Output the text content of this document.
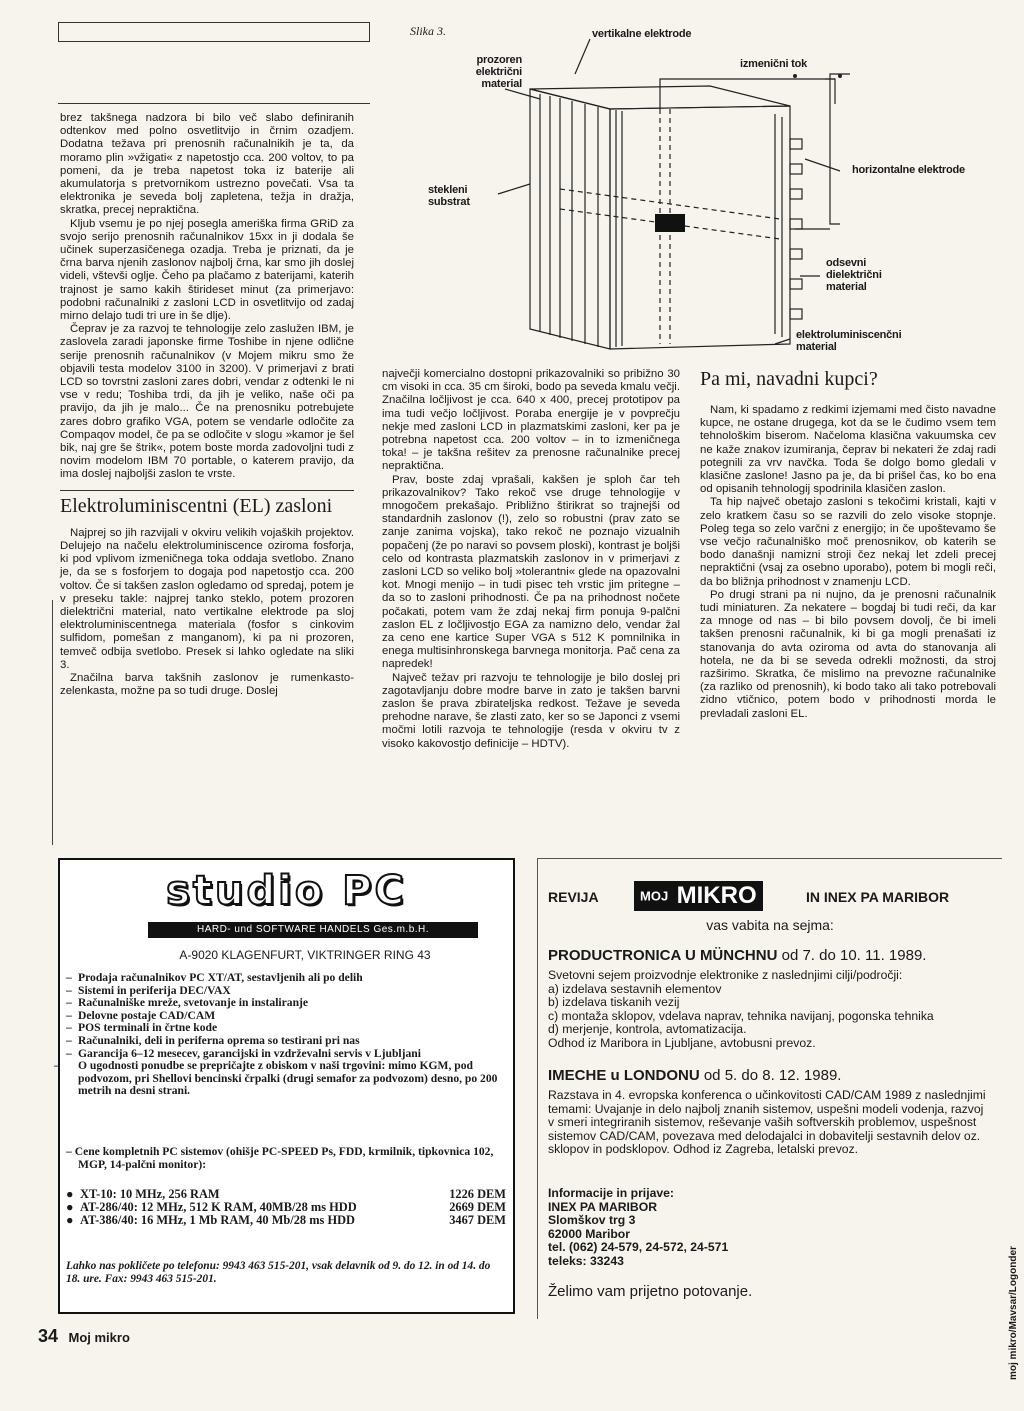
Slika 3.	vertikalne elektrode
prozoren električni material
izmenični tok
stekleni substrat
horizontalne elektrode
odsevni dielektrični material
elektroluminiscenčni material

brez takšnega nadzora bi bilo več slabo definiranih odtenkov med polno osvetlitvijo in črnim ozadjem. Dodatna težava pri prenosnih računalnikih je ta, da moramo plin »vžigati« z napetostjo cca. 200 voltov, to pa pomeni, da je treba napetost toka iz baterije ali akumulatorja s pretvornikom ustrezno povečati. Vsa ta elektronika je seveda bolj zapletena, težja in dražja, skratka, precej nepraktična.

Kljub vsemu je po njej posegla ameriška firma GRiD za svojo serijo prenosnih računalnikov 15xx in ji dodala še učinek superzasičenega ozadja. Treba je priznati, da je črna barva njenih zaslonov najbolj črna, kar smo jih doslej videli, vštevši oglje. Čeho pa plačamo z baterijami, katerih trajnost je samo kakih štirideset minut (za primerjavo: podobni računalniki z zasloni LCD in osvetlitvijo od zadaj mirno delajo tudi tri ure in še dlje).

Čeprav je za razvoj te tehnologije zelo zaslužen IBM, je zaslovela zaradi japonske firme Toshibe in njene odlične serije prenosnih računalnikov (v Mojem mikru smo že objavili testa modelov 3100 in 3200). V primerjavi z brati LCD so tovrstni zasloni zares dobri, vendar z odtenki le ni vse v redu; Toshiba trdi, da jih je veliko, naše oči pa pravijo, da jih je malo... Če na prenosniku potrebujete zares dobro grafiko VGA, potem se vendarle odločite za Compaqov model, če pa se odločite v slogu »kamor je šel bik, naj gre še štrik«, potem boste morda zadovoljni tudi z novim modelom IBM 70 portable, o katerem pravijo, da ima doslej najboljši zaslon te vrste.

Elektroluminiscentni (EL) zasloni

Najprej so jih razvijali v okviru velikih vojaških projektov. Delujejo na načelu elektroluminiscence oziroma fosforja, ki pod vplivom izmeničnega toka oddaja svetlobo. Znano je, da se s fosforjem to dogaja pod napetostjo cca. 200 voltov. Če si takšen zaslon ogledamo od spredaj, potem je v preseku takle: najprej tanko steklo, potem prozoren dielektrični material, nato vertikalne elektrode pa sloj elektroluminiscentnega materiala (fosfor s cinkovim sulfidom, pomešan z manganom), ki pa ni prozoren, temveč odbija svetlobo. Presek si lahko ogledate na sliki 3.

Značilna barva takšnih zaslonov je rumenkasto-zelenkasta, možne pa so tudi druge. Doslej

največji komercialno dostopni prikazovalniki so pribižno 30 cm visoki in cca. 35 cm široki, bodo pa seveda kmalu večji. Značilna ločljivost je cca. 640 x 400, precej prototipov pa ima tudi večjo ločljivost. Poraba energije je v povprečju nekje med zasloni LCD in plazmatskimi zasloni, ker pa je potrebna napetost cca. 200 voltov – in to izmeničnega toka! – je takšna rešitev za prenosne računalnike precej nepraktična.

Prav, boste zdaj vprašali, kakšen je sploh čar teh prikazovalnikov? Tako rekoč vse druge tehnologije v mnogočem prekašajo. Približno štirikrat so trajnejši od standardnih zaslonov (!), zelo so robustni (prav zato se zanje zanima vojska), tako rekoč ne poznajo vizualnih popačenj (že po naravi so povsem ploski), kontrast je boljši celo od kontrasta plazmatskih zaslonov in v primerjavi z zasloni LCD so veliko bolj »tolerantni« glede na opazovalni kot. Mnogi menijo – in tudi pisec teh vrstic jim pritegne – da so to zasloni prihodnosti. Če pa na prihodnost nočete počakati, potem vam že zdaj nekaj firm ponuja 9-palčni zaslon EL z ločljivostjo EGA za namizno delo, vendar žal za ceno ene kartice Super VGA s 512 K pomnilnika in enega multisinhronskega barvnega monitorja. Pač cena za napredek!

Največ težav pri razvoju te tehnologije je bilo doslej pri zagotavljanju dobre modre barve in zato je takšen barvni zaslon še prava zbirateljska redkost. Težave je seveda prehodne narave, še zlasti zato, ker so se Japonci z vsemi močmi lotili razvoja te tehnologije (resda v okviru tv z visoko kakovostjo definicije – HDTV).

Pa mi, navadni kupci?

Nam, ki spadamo z redkimi izjemami med čisto navadne kupce, ne ostane drugega, kot da se le čudimo vsem tem tehnološkim biserom. Načeloma klasična vakuumska cev ne kaže znakov izumiranja, čeprav bi nekateri že zdaj radi potegnili za vrv navčka. Toda še dolgo bomo gledali v klasične zaslone! Jasno pa je, da bi prišel čas, ko bo ena od opisanih tehnologij spodrinila klasičen zaslon.

Ta hip največ obetajo zasloni s tekočimi kristali, kajti v zelo kratkem času so se razvili do zelo visoke stopnje. Poleg tega so zelo varčni z energijo; in če upoštevamo še vse večjo računalniško moč prenosnikov, ob katerih se bodo današnji namizni stroji čez nekaj let zdeli precej nepraktični (vsaj za osebno uporabo), potem bi mogli reči, da bo bližnja prihodnost v znamenju LCD.

Po drugi strani pa ni nujno, da je prenosni računalnik tudi miniaturen. Za nekatere – bogdaj bi tudi reči, da kar za mnoge od nas – bi bilo povsem dovolj, če bi imeli takšen prenosni računalnik, ki bi ga mogli prenašati iz stanovanja do avta oziroma od avta do stanovanja ali hotela, ne da bi se seveda odrekli možnosti, da stroj razširimo. Skratka, če mislimo na prevozne računalnike (za razliko od prenosnih), ki bodo tako ali tako potrebovali zidno vtičnico, potem bodo v prihodnosti morda le prevladali zasloni EL.

studio PC
HARD- und SOFTWARE HANDELS Ges.m.b.H.
A-9020 KLAGENFURT, VIKTRINGER RING 43
– Prodaja računalnikov PC XT/AT, sestavljenih ali po delih
– Sistemi in periferija DEC/VAX
– Računalniške mreže, svetovanje in instaliranje
– Delovne postaje CAD/CAM
– POS terminali in črtne kode
– Računalniki, deli in periferna oprema so testirani pri nas
– Garancija 6–12 mesecev, garancijski in vzdrževalni servis v Ljubljani
– O ugodnosti ponudbe se prepričajte z obiskom v naši trgovini: mimo KGM, pod podvozom, pri Shellovi bencinski črpalki (drugi semafor za podvozom) desno, po 200 metrih na desni strani.
– Cene kompletnih PC sistemov (ohišje PC-SPEED Ps, FDD, krmilnik, tipkovnica 102, MGP, 14-palčni monitor):
●	XT-10: 10 MHz, 256 RAM	1226 DEM
●	AT-286/40: 12 MHz, 512 K RAM, 40MB/28 ms HDD	2669 DEM
●	AT-386/40: 16 MHz, 1 Mb RAM, 40 Mb/28 ms HDD	3467 DEM
Lahko nas pokličete po telefonu: 9943 463 515-201, vsak delavnik od 9. do 12. in od 14. do 18. ure. Fax: 9943 463 515-201.
REVIJA	MOJ MIKRO	IN INEX PA MARIBOR
vas vabita na sejma:
PRODUCTRONICA U MÜNCHNU od 7. do 10. 11. 1989.
Svetovni sejem proizvodnje elektronike z naslednjimi cilji/področji:
a) izdelava sestavnih elementov
b) izdelava tiskanih vezij
c) montaža sklopov, vdelava naprav, tehnika navijanj, pogonska tehnika
d) merjenje, kontrola, avtomatizacija.
Odhod iz Maribora in Ljubljane, avtobusni prevoz.
IMECHE u LONDONU od 5. do 8. 12. 1989.
Razstava in 4. evropska konferenca o učinkovitosti CAD/CAM 1989 z naslednjimi temami: Uvajanje in delo najbolj znanih sistemov, uspešni modeli vodenja, razvoj v smeri integriranih sistemov, reševanje vaših softverskih problemov, uspešnost sistemov CAD/CAM, povezava med delodajalci in dobavitelji sestavnih delov oz. sklopov in podsklopov. Odhod iz Zagreba, letalski prevoz.
Informacije in prijave:
INEX PA MARIBOR
Slomškov trg 3
62000 Maribor
tel. (062) 24-579, 24-572, 24-571
teleks: 33243
Želimo vam prijetno potovanje.	moj mikro/Mavsar/Logonder
34 Moj mikro
